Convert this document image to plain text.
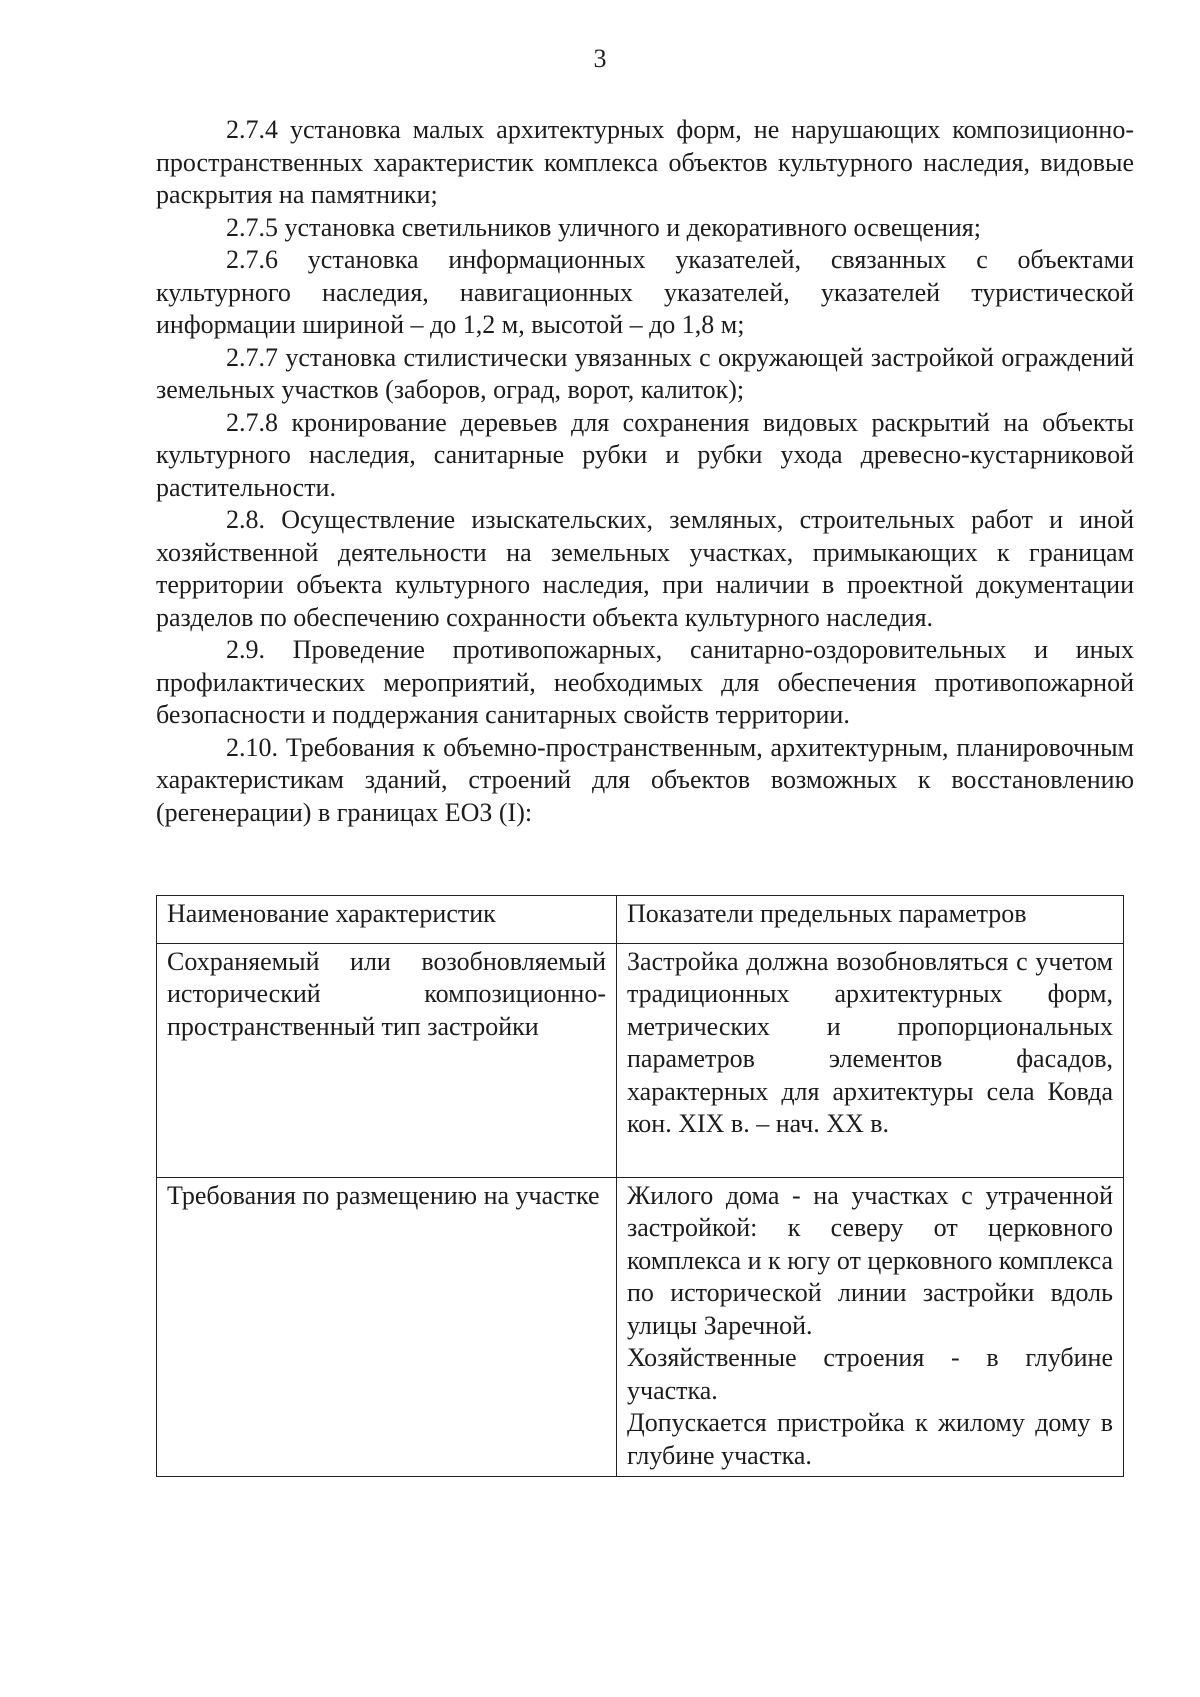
3

2.7.4 установка малых архитектурных форм, не нарушающих композиционно-пространственных характеристик комплекса объектов культурного наследия, видовые раскрытия на памятники;

2.7.5 установка светильников уличного и декоративного освещения;

2.7.6 установка информационных указателей, связанных с объектами культурного наследия, навигационных указателей, указателей туристической информации шириной – до 1,2 м, высотой – до 1,8 м;

2.7.7 установка стилистически увязанных с окружающей застройкой ограждений земельных участков (заборов, оград, ворот, калиток);

2.7.8 кронирование деревьев для сохранения видовых раскрытий на объекты культурного наследия, санитарные рубки и рубки ухода древесно-кустарниковой растительности.

2.8. Осуществление изыскательских, земляных, строительных работ и иной хозяйственной деятельности на земельных участках, примыкающих к границам территории объекта культурного наследия, при наличии в проектной документации разделов по обеспечению сохранности объекта культурного наследия.

2.9. Проведение противопожарных, санитарно-оздоровительных и иных профилактических мероприятий, необходимых для обеспечения противопожарной безопасности и поддержания санитарных свойств территории.

2.10. Требования к объемно-пространственным, архитектурным, планировочным характеристикам зданий, строений для объектов возможных к восстановлению (регенерации) в границах ЕОЗ (I):

Наименование характеристик	Показатели предельных параметров
Сохраняемый или возобновляемый исторический композиционно-пространственный тип застройки	Застройка должна возобновляться с учетом традиционных архитектурных форм, метрических и пропорциональных параметров элементов фасадов, характерных для архитектуры села Ковда кон. XIX в. – нач. XX в.

Требования по размещению на участке	Жилого дома - на участках с утраченной застройкой: к северу от церковного комплекса и к югу от церковного комплекса по исторической линии застройки вдоль улицы Заречной.
Хозяйственные строения - в глубине участка.
Допускается пристройка к жилому дому в глубине участка.
